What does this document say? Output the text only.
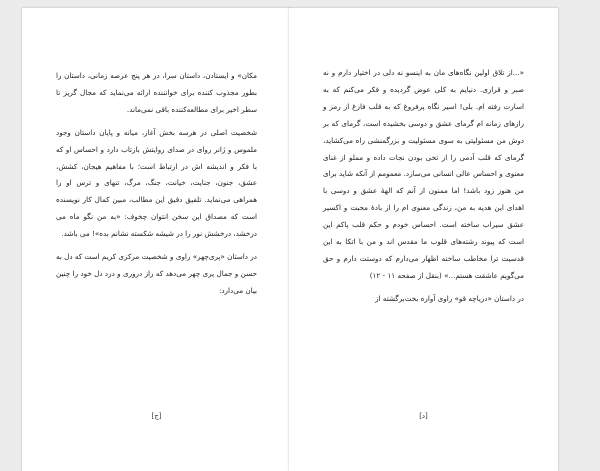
مکان» و ایستادن، داستان سرا، در هر پنج عرصه زمانی، داستان را بطور مجذوب کننده برای خوانننده ارائه می‌نماید که مجال گریز تا سطر اخیر برای مطالعه‌کننده باقی نمی‌ماند.

شخصیت اصلی در هرسه بخش آغاز، میانه و پایان داستان وجود ملموس و ژانر روای در صدای روایتش بازتاب دارد و احساس او که با فکر و اندیشه اش در ارتباط است؛ با مفاهیم هیجان، کشش، عشق، جنون، جنایت، خیانت، جنگ، مرگ، تنهای و ترس او را همراهی می‌نماید. تلفیق دقیق این مطالب، مبین کمال کار نویسنده است که مصداق این سخن انتوان چخوف: «به من نگو ماه می درخشد، درخشش نور را در شیشه شکسته نشانم بده»! می باشد.

در داستان «پری‌چهر» راوی و شخصیت مرکزی کریم است که دل به حسن و جمال پری چهر می‌دهد که راز دروری و درد دل خود را چنین بیان می‌دارد:

[ج]

«...از تلاق اولین نگاه‌های مان به اینسو نه دلی در اختیار دارم و نه صبر و قراری. دنیایم به کلی عوض گردیده و فکر می‌کنم که به اسارت رفته ام. بلی! اسیر نگاه پرفروغ که به قلب فارغ از رمز و رازهای زمانه ام گرمای عشق و دوسی بخشیده است، گرمای که بر دوش من مسئولیتی به سوی مسئولیت و بزرگمنشی راه می‌کشاید، گرمای که قلب آدمی را از تخی بودن نجات داده و مملو از غنای معنوی و احساس عالی انسانی می‌سازد. معمومم از آنکه شاید برای من هنوز زود باشد! اما ممنون از آنم که الهۀ عشق و دوسی با اهدای این هدیه به من، زندگی معنوی ام را از بادۀ محبت و اکسیر عشق سیراب ساخته است. احساس خودم و حکم قلب پاکم این است که پیوند رشته‌های قلوب ما مقدس اند و من با اتکا به این قدسیت ترا مخاطب ساخته اظهار می‌دارم که دوستت دارم و حق می‌گویم عاشقت هستم...» (بنقل از صفحه ۱۱ - ۱۲)

در داستان «دریاچه قو» راوی آواره بخت‌برگشته از

[د]
